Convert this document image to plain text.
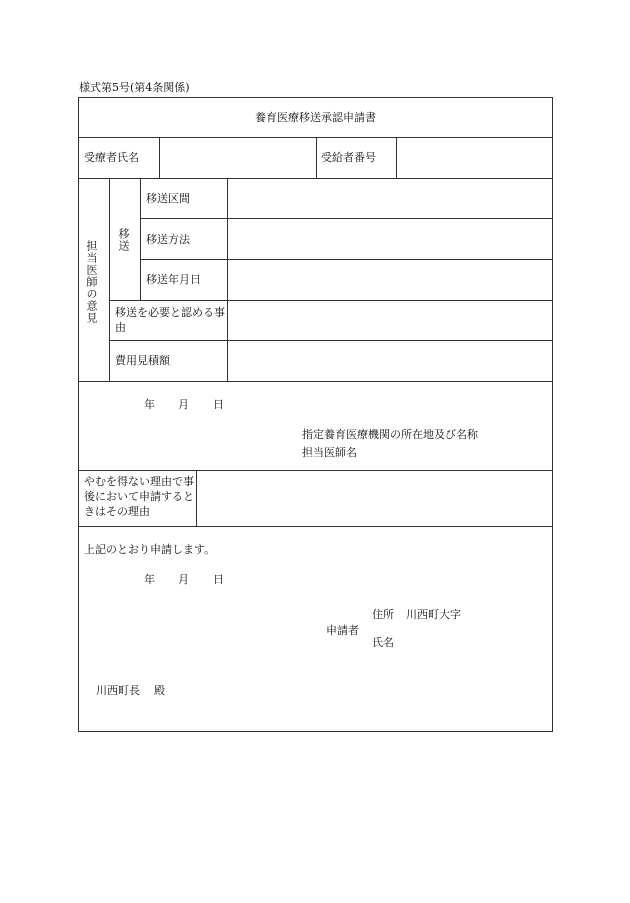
様式第5号(第4条関係)
養育医療移送承認申請書
受療者氏名	受給者番号
担当医師の意見 移送
移送区間
移送方法
移送年月日
移送を必要と認める事由
費用見積額
年 月 日
指定養育医療機関の所在地及び名称
担当医師名
やむを得ない理由で事後において申請するときはその理由
上記のとおり申請します。
年 月 日
申請者
住所 川西町大字
氏名
川西町長 殿
